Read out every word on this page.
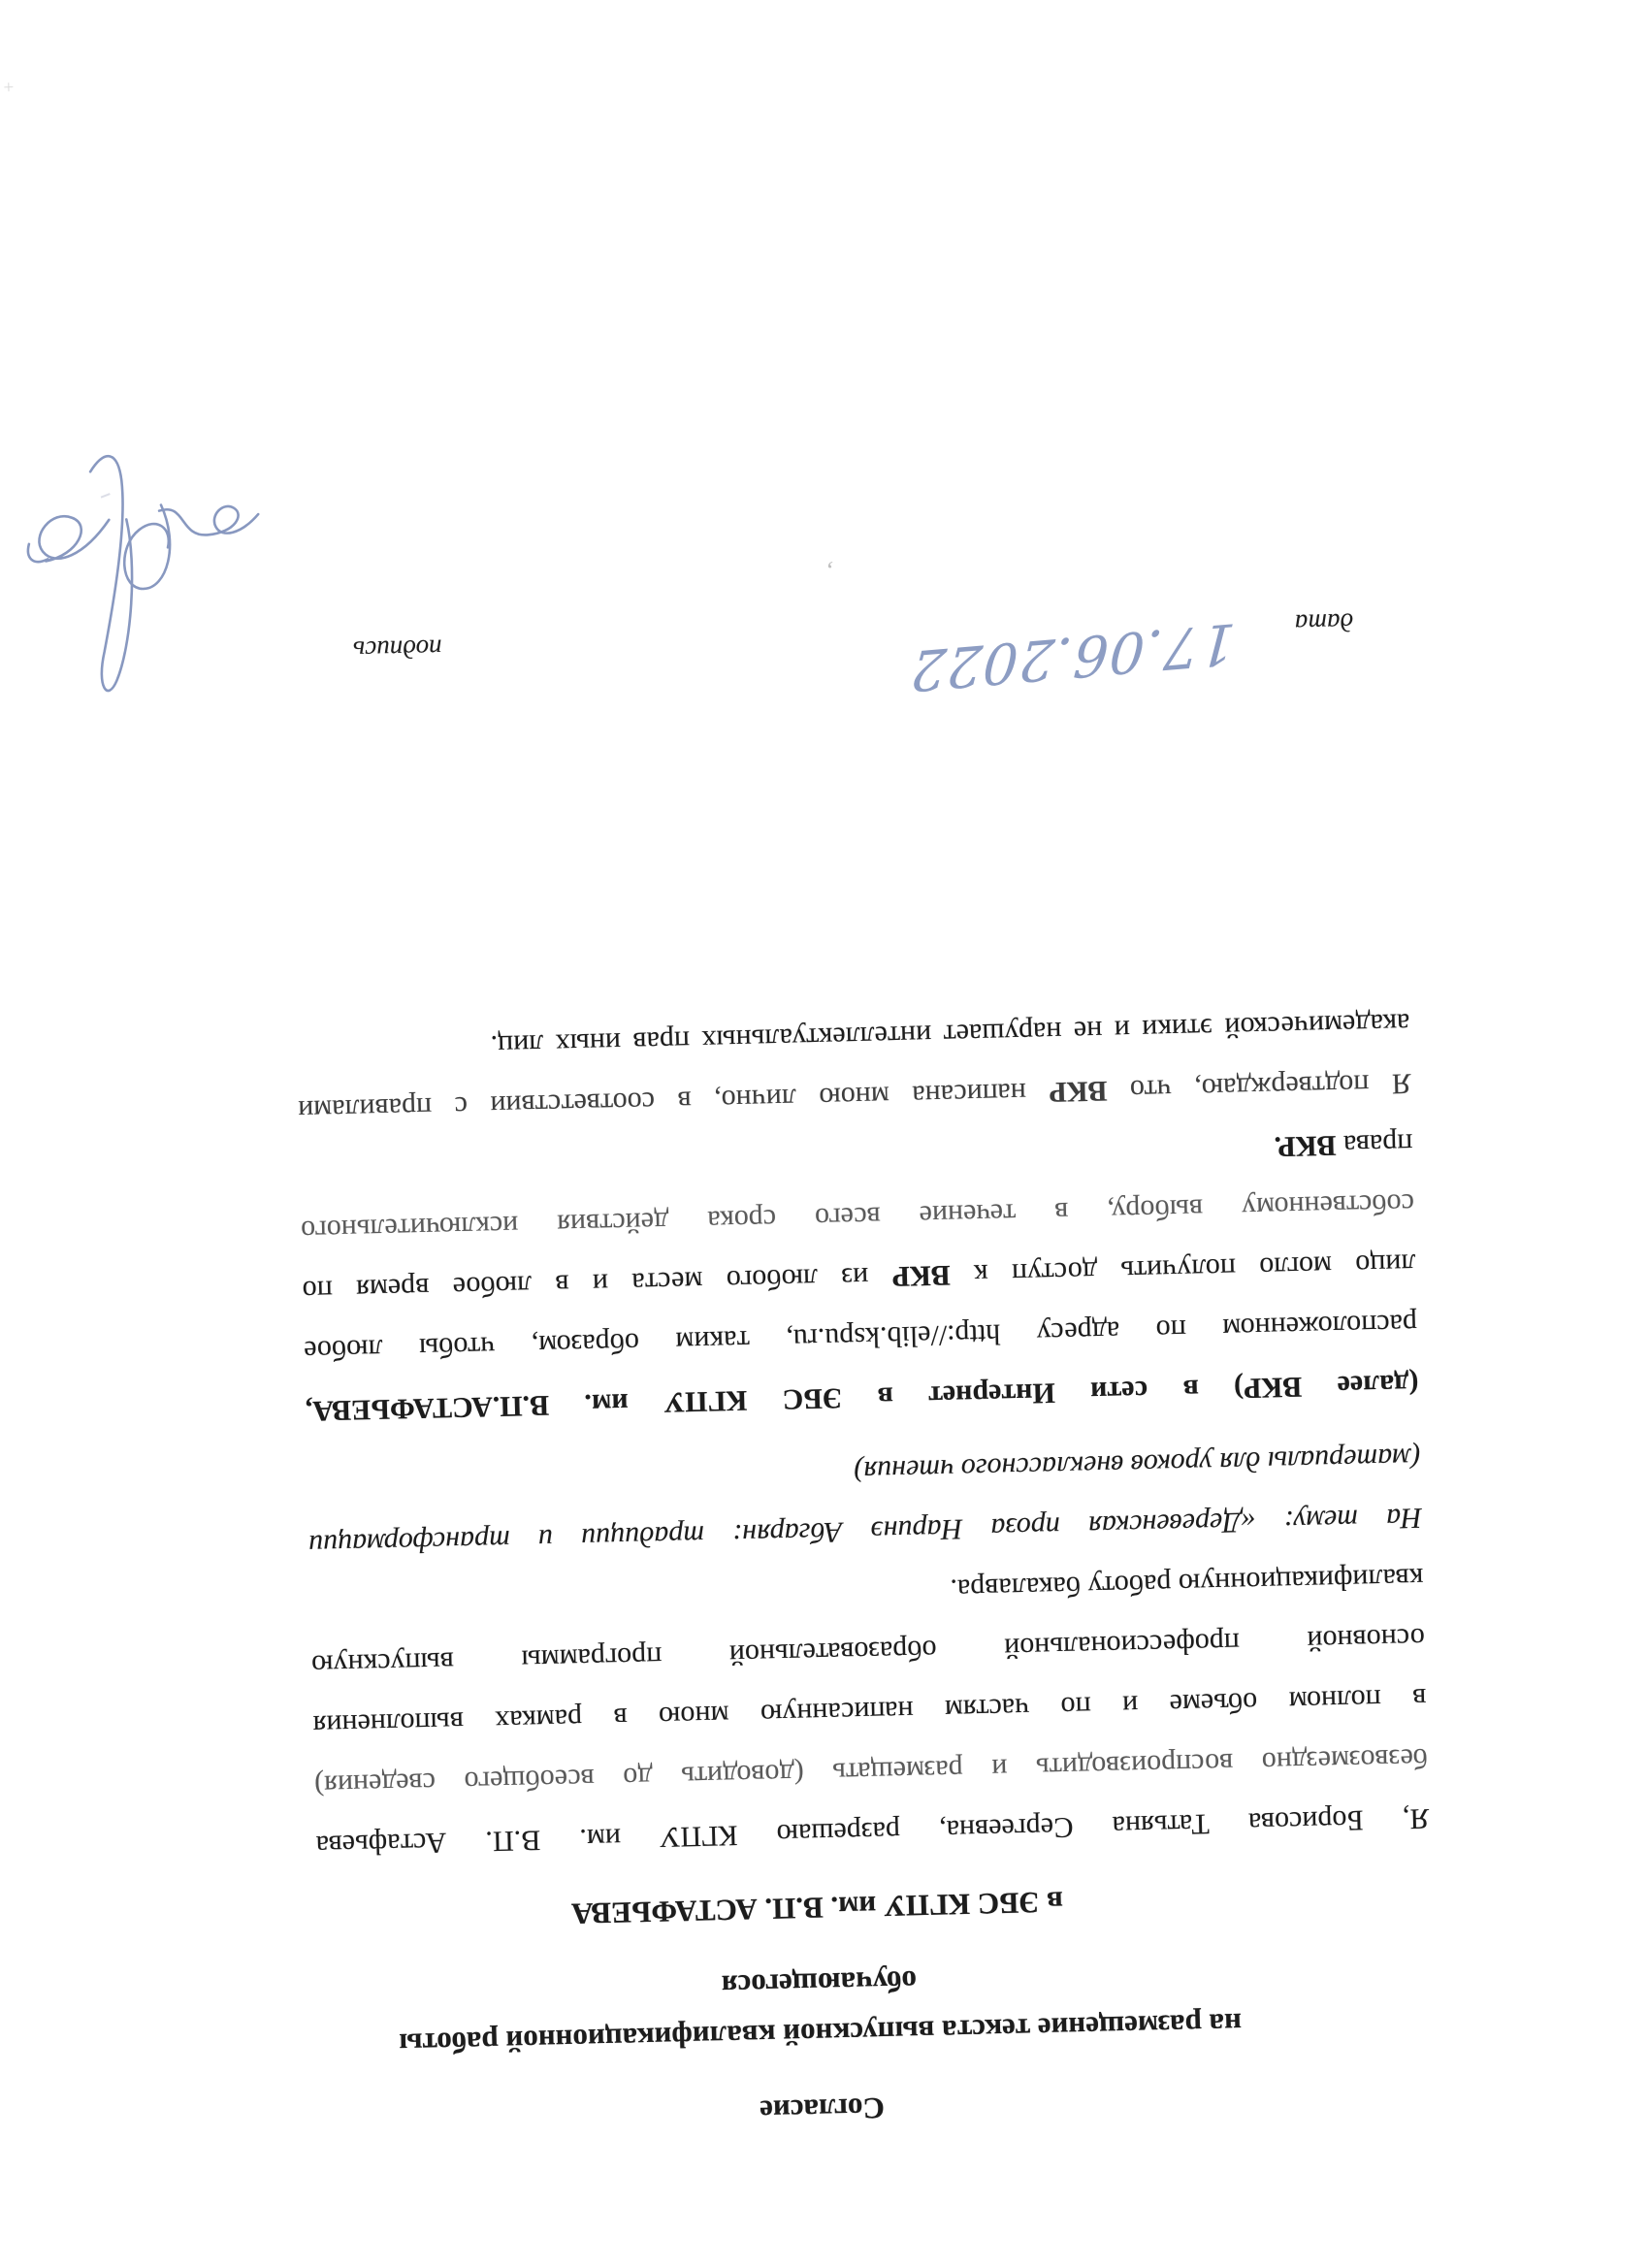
Согласие
на размещение текста выпускной квалификационной работы
обучающегося
в ЭБС КГПУ им. В.П. АСТАФЬЕВА
Я, Борисова Татьяна Сергеевна, разрешаю КГПУ им. В.П. Астафьева
безвозмездно воспроизводить и размещать (доводить до всеобщего сведения)
в полном объеме и по частям написанную мною в рамках выполнения
основной профессиональной образовательной программы выпускную
квалификационную работу бакалавра.
На тему: «Деревенская проза Наринэ Абгарян: традиции и трансформации
(материалы для уроков внеклассного чтения)
(далее ВКР) в сети Интернет в ЭБС КГПУ им. В.П.АСТАФЬЕВА,
расположенном по адресу http://elib.kspu.ru, таким образом, чтобы любое
лицо могло получить доступ к ВКР из любого места и в любое время по
собственному выбору, в течение всего срока действия исключительного
права ВКР.
Я подтверждаю, что ВКР написана мною лично, в соответствии с правилами
академической этики и не нарушает интеллектуальных прав иных лиц.
дата
17.06.2022
подпись
,
